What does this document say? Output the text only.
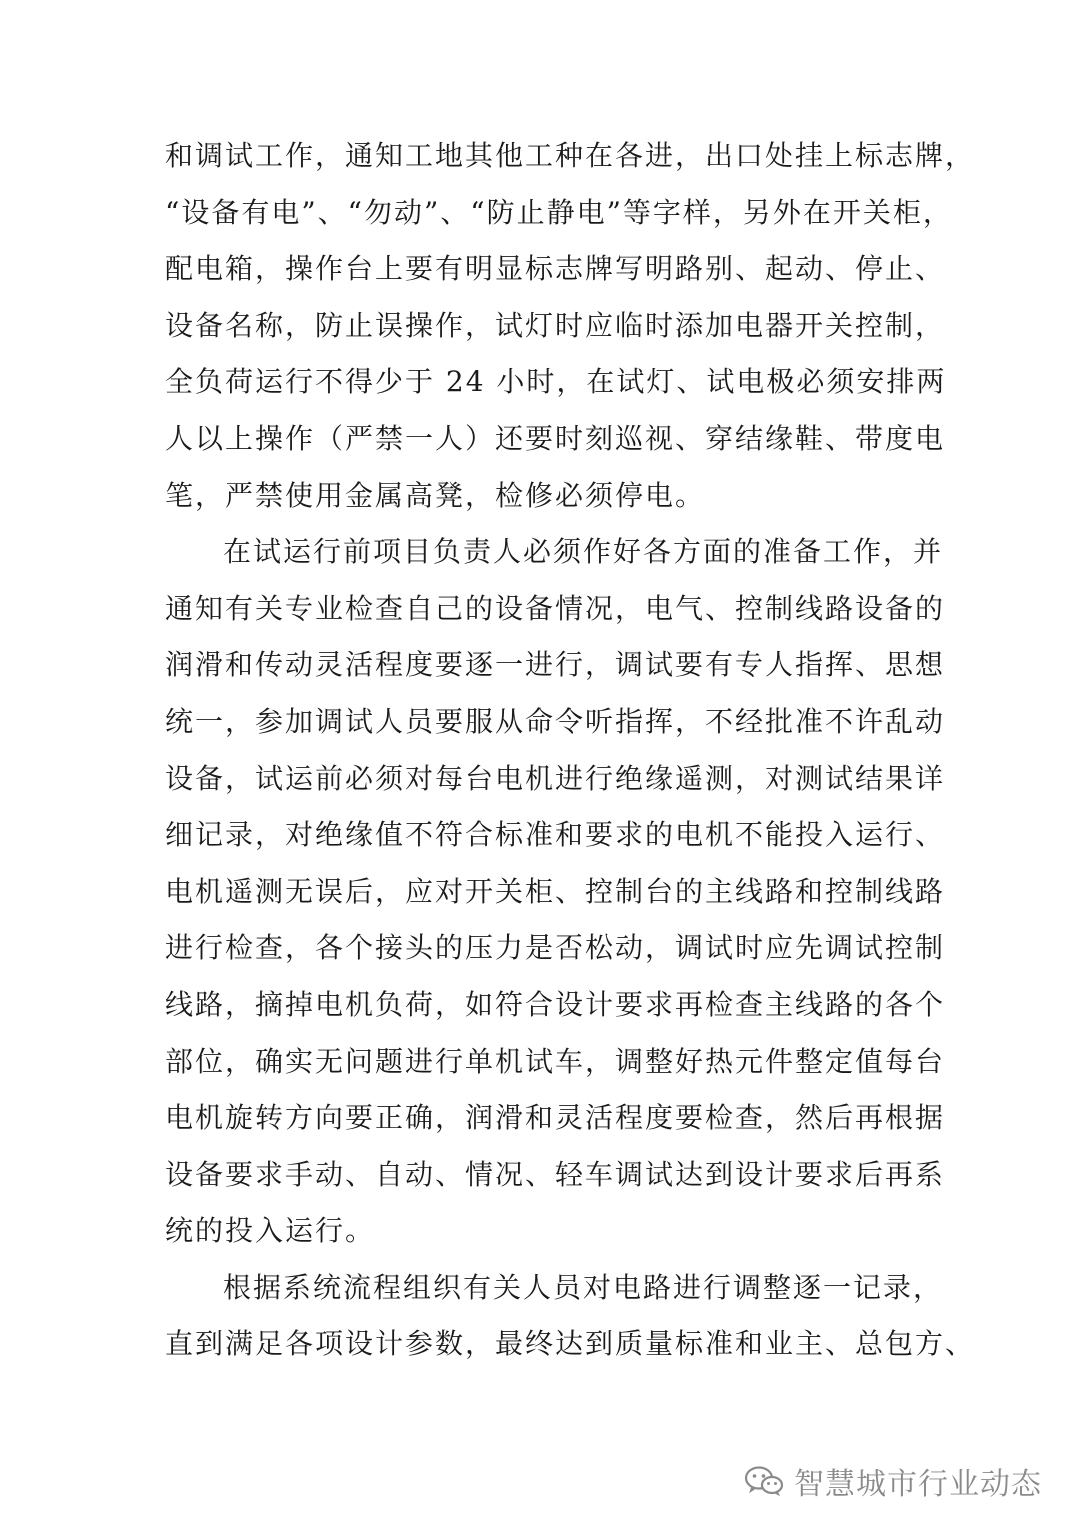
和调试工作，通知工地其他工种在各进，出口处挂上标志牌，
“设备有电”、“勿动”、“防止静电”等字样，另外在开关柜，
配电箱，操作台上要有明显标志牌写明路别、起动、停止、
设备名称，防止误操作，试灯时应临时添加电器开关控制，
全负荷运行不得少于 24 小时，在试灯、试电极必须安排两
人以上操作（严禁一人）还要时刻巡视、穿结缘鞋、带度电
笔，严禁使用金属高凳，检修必须停电。
在试运行前项目负责人必须作好各方面的准备工作，并
通知有关专业检查自己的设备情况，电气、控制线路设备的
润滑和传动灵活程度要逐一进行，调试要有专人指挥、思想
统一，参加调试人员要服从命令听指挥，不经批准不许乱动
设备，试运前必须对每台电机进行绝缘遥测，对测试结果详
细记录，对绝缘值不符合标准和要求的电机不能投入运行、
电机遥测无误后，应对开关柜、控制台的主线路和控制线路
进行检查，各个接头的压力是否松动，调试时应先调试控制
线路，摘掉电机负荷，如符合设计要求再检查主线路的各个
部位，确实无问题进行单机试车，调整好热元件整定值每台
电机旋转方向要正确，润滑和灵活程度要检查，然后再根据
设备要求手动、自动、情况、轻车调试达到设计要求后再系
统的投入运行。
根据系统流程组织有关人员对电路进行调整逐一记录，
直到满足各项设计参数，最终达到质量标准和业主、总包方、
智慧城市行业动态
